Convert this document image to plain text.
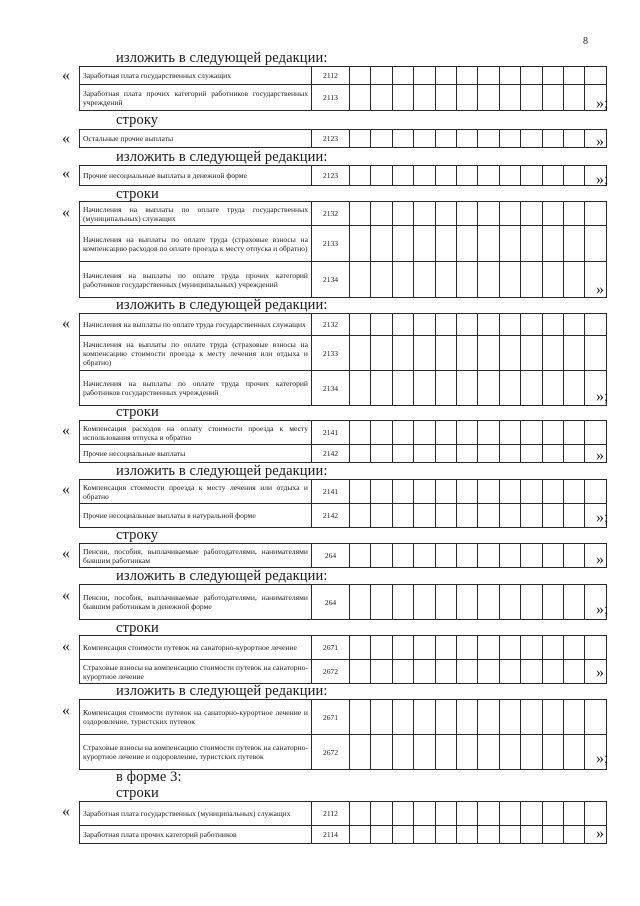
8
изложить в следующей редакции:
« Заработная плата государственных служащих	2112												
Заработная плата прочих категорий работников государственных учреждений	2113													»;
строку
« Остальные прочие выплаты	2123													»
изложить в следующей редакции:
« Прочие несоциальные выплаты в денежной форме	2123													»;
строки
« Начисления на выплаты по оплате труда государственных (муниципальных) служащих	2132												
Начисления на выплаты по оплате труда (страховые взносы на компенсацию расходов по оплате проезда к месту отпуска и обратно)	2133												
Начисления на выплаты по оплате труда прочих категорий работников государственных (муниципальных) учреждений	2134												
»
изложить в следующей редакции:
« Начисления на выплаты по оплате труда государственных служащих	2132												
Начисления на выплаты по оплате труда (страховые взносы на компенсацию стоимости проезда к месту лечения или отдыха и обратно)	2133												
Начисления на выплаты по оплате труда прочих категорий работников государственных учреждений	2134													»;
строки
« Компенсация расходов на оплату стоимости проезда к месту использования отпуска и обратно	2141												
Прочие несоциальные выплаты	2142													»
изложить в следующей редакции:
« Компенсация стоимости проезда к месту лечения или отдыха и обратно	2141												
Прочие несоциальные выплаты в натуральной форме	2142													»;
строку
« Пенсии, пособия, выплачиваемые работодателями, нанимателями бывшим работникам	264													»
изложить в следующей редакции:
« Пенсии, пособия, выплачиваемые работодателями, нанимателями бывшим работникам в денежной форме	264													»;
строки
« Компенсация стоимости путевок на санаторно-курортное лечение	2671												
Страховые взносы на компенсацию стоимости путевок на санаторно-курортное лечение	2672													»
изложить в следующей редакции:
« Компенсация стоимости путевок на санаторно-курортное лечение и оздоровление, туристских путевок	2671												
Страховые взносы на компенсацию стоимости путевок на санаторно-курортное лечение и оздоровление, туристских путевок	2672													»;
в форме 3:
строки
« Заработная плата государственных (муниципальных) служащих	2112												
Заработная плата прочих категорий работников	2114													»
